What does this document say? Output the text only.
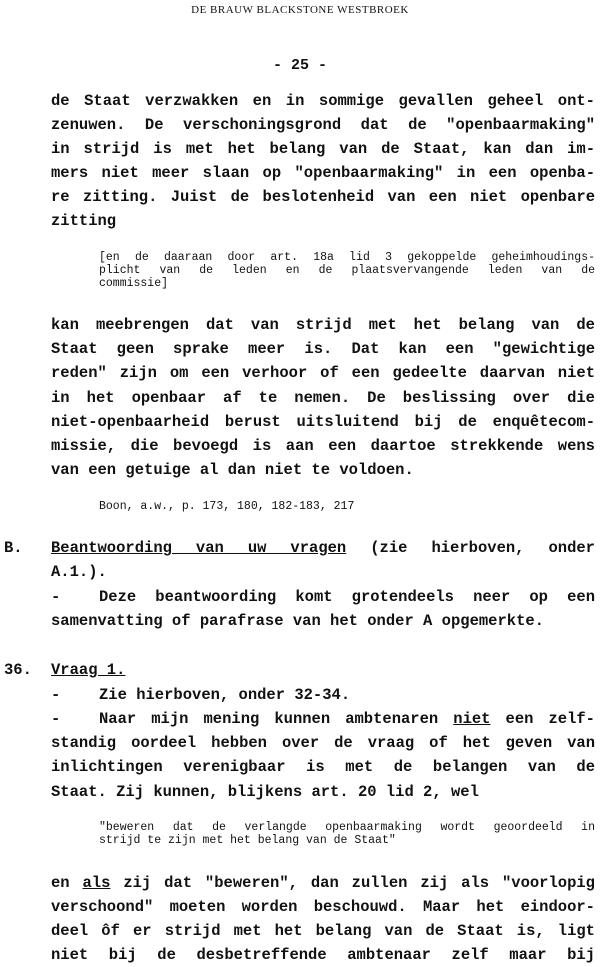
DE BRAUW BLACKSTONE WESTBROEK
- 25 -
de Staat verzwakken en in sommige gevallen geheel ont-
zenuwen. De verschoningsgrond dat de "openbaarmaking"
in strijd is met het belang van de Staat, kan dan im-
mers niet meer slaan op "openbaarmaking" in een openba-
re zitting. Juist de beslotenheid van een niet openbare
zitting
[en de daaraan door art. 18a lid 3 gekoppelde geheimhoudings-
plicht van de leden en de plaatsvervangende leden van de
commissie]
kan meebrengen dat van strijd met het belang van de
Staat geen sprake meer is. Dat kan een "gewichtige
reden" zijn om een verhoor of een gedeelte daarvan niet
in het openbaar af te nemen. De beslissing over die
niet-openbaarheid berust uitsluitend bij de enquêtecom-
missie, die bevoegd is aan een daartoe strekkende wens
van een getuige al dan niet te voldoen.
Boon, a.w., p. 173, 180, 182-183, 217
B. Beantwoording van uw vragen (zie hierboven, onder
A.1.).
- Deze beantwoording komt grotendeels neer op een
samenvatting of parafrase van het onder A opgemerkte.
36. Vraag 1.
- Zie hierboven, onder 32-34.
- Naar mijn mening kunnen ambtenaren niet een zelf-
standig oordeel hebben over de vraag of het geven van
inlichtingen verenigbaar is met de belangen van de
Staat. Zij kunnen, blijkens art. 20 lid 2, wel
"beweren dat de verlangde openbaarmaking wordt geoordeeld in
strijd te zijn met het belang van de Staat"
en als zij dat "beweren", dan zullen zij als "voorlopig
verschoond" moeten worden beschouwd. Maar het eindoor-
deel ôf er strijd met het belang van de Staat is, ligt
niet bij de desbetreffende ambtenaar zelf maar bij
